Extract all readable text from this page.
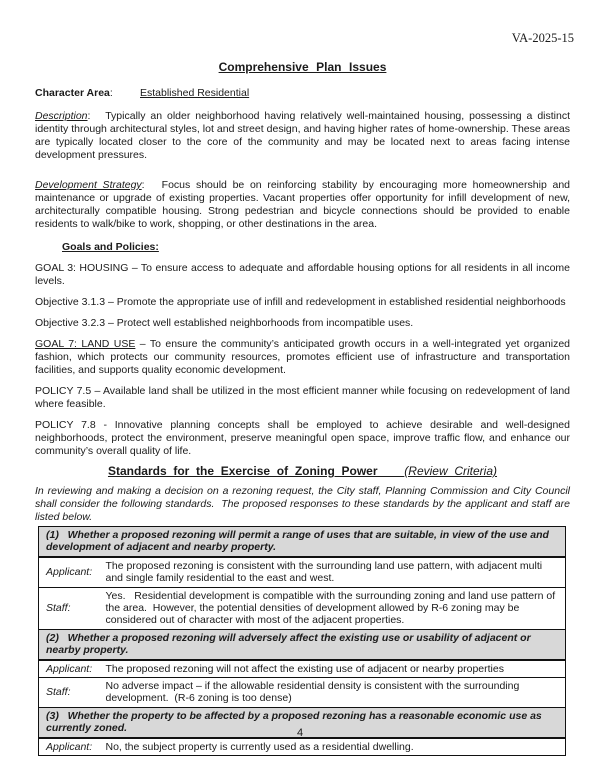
VA-2025-15
Comprehensive Plan Issues
Character Area :	Established Residential
Description : Typically an older neighborhood having relatively well-maintained housing, possessing a distinct identity through architectural styles, lot and street design, and having higher rates of home-ownership. These areas are typically located closer to the core of the community and may be located next to areas facing intense development pressures.
Development Strategy : Focus should be on reinforcing stability by encouraging more homeownership and maintenance or upgrade of existing properties. Vacant properties offer opportunity for infill development of new, architecturally compatible housing. Strong pedestrian and bicycle connections should be provided to enable residents to walk/bike to work, shopping, or other destinations in the area.
Goals and Policies:
GOAL 3: HOUSING – To ensure access to adequate and affordable housing options for all residents in all income levels.
Objective 3.1.3 – Promote the appropriate use of infill and redevelopment in established residential neighborhoods
Objective 3.2.3 – Protect well established neighborhoods from incompatible uses.
GOAL 7: LAND USE – To ensure the community’s anticipated growth occurs in a well-integrated yet organized fashion, which protects our community resources, promotes efficient use of infrastructure and transportation facilities, and supports quality economic development.
POLICY 7.5 – Available land shall be utilized in the most efficient manner while focusing on redevelopment of land where feasible.
POLICY 7.8 - Innovative planning concepts shall be employed to achieve desirable and well-designed neighborhoods, protect the environment, preserve meaningful open space, improve traffic flow, and enhance our community’s overall quality of life.
Standards for the Exercise of Zoning Power (Review Criteria)
In reviewing and making a decision on a rezoning request, the City staff, Planning Commission and City Council shall consider the following standards.  The proposed responses to these standards by the applicant and staff are listed below.
(1)   Whether a proposed rezoning will permit a range of uses that are suitable, in view of the use and development of adjacent and nearby property.	
Applicant:	The proposed rezoning is consistent with the surrounding land use pattern, with adjacent multi and single family residential to the east and west.
Staff:	Yes.   Residential development is compatible with the surrounding zoning and land use pattern of the area.  However, the potential densities of development allowed by R-6 zoning may be considered out of character with most of the adjacent properties.
(2)   Whether a proposed rezoning will adversely affect the existing use or usability of adjacent or nearby property.	
Applicant:	The proposed rezoning will not affect the existing use of adjacent or nearby properties
Staff:	No adverse impact – if the allowable residential density is consistent with the surrounding development.  (R-6 zoning is too dense)
(3)   Whether the property to be affected by a proposed rezoning has a reasonable economic use as currently zoned.	
Applicant:	No, the subject property is currently used as a residential dwelling.
4
